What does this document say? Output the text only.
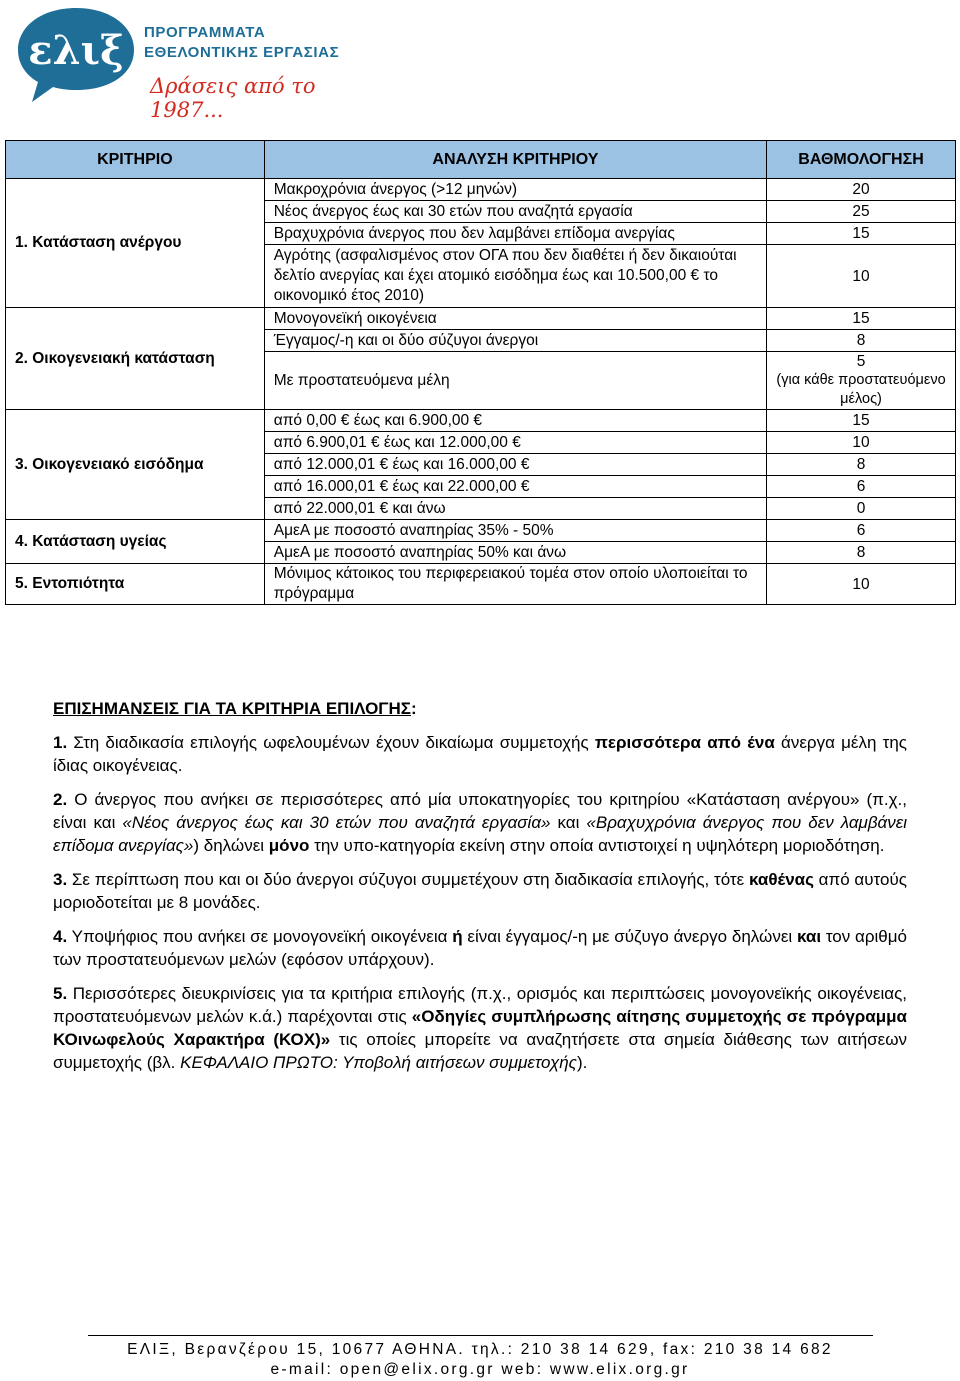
ελιξ ΠΡΟΓΡΑΜΜΑΤΑ
ΕΘΕΛΟΝΤΙΚΗΣ ΕΡΓΑΣΙΑΣ
Δράσεις από το 1987...
ΚΡΙΤΗΡΙΟ	ΑΝΑΛΥΣΗ ΚΡΙΤΗΡΙΟΥ	ΒΑΘΜΟΛΟΓΗΣΗ
1. Κατάσταση ανέργου	Μακροχρόνια άνεργος (>12 μηνών)	20
	Νέος άνεργος έως και 30 ετών που αναζητά εργασία	25
	Βραχυχρόνια άνεργος που δεν λαμβάνει επίδομα ανεργίας	15
	Αγρότης (ασφαλισμένος στον ΟΓΑ που δεν διαθέτει ή δεν δικαιούται δελτίο ανεργίας και έχει ατομικό εισόδημα έως και 10.500,00 € το οικονομικό έτος 2010)	10
2. Οικογενειακή κατάσταση	Μονογονεϊκή οικογένεια	15
	Έγγαμος/-η και οι δύο σύζυγοι άνεργοι	8
	Με προστατευόμενα μέλη	5
(για κάθε προστατευόμενο μέλος)

3. Οικογενειακό εισόδημα	από 0,00 € έως και 6.900,00 €	15
	από 6.900,01 € έως και 12.000,00 €	10
	από 12.000,01 € έως και 16.000,00 €	8
	από 16.000,01 € έως και 22.000,00 €	6
	από 22.000,01 € και άνω	0
4. Κατάσταση υγείας	ΑμεΑ με ποσοστό αναπηρίας 35% - 50%	6
	ΑμεΑ με ποσοστό αναπηρίας 50% και άνω	8
5. Εντοπιότητα	Μόνιμος κάτοικος του περιφερειακού τομέα στον οποίο υλοποιείται το πρόγραμμα	10
ΕΠΙΣΗΜΑΝΣΕΙΣ ΓΙΑ ΤΑ ΚΡΙΤΗΡΙΑ ΕΠΙΛΟΓΗΣ:

1. Στη διαδικασία επιλογής ωφελουμένων έχουν δικαίωμα συμμετοχής περισσότερα από ένα άνεργα μέλη της ίδιας οικογένειας.

2. Ο άνεργος που ανήκει σε περισσότερες από μία υποκατηγορίες του κριτηρίου «Κατάσταση ανέργου» (π.χ., είναι και «Νέος άνεργος έως και 30 ετών που αναζητά εργασία» και «Βραχυχρόνια άνεργος που δεν λαμβάνει επίδομα ανεργίας») δηλώνει μόνο την υπο-κατηγορία εκείνη στην οποία αντιστοιχεί η υψηλότερη μοριοδότηση.

3. Σε περίπτωση που και οι δύο άνεργοι σύζυγοι συμμετέχουν στη διαδικασία επιλογής, τότε καθένας από αυτούς μοριοδοτείται με 8 μονάδες.

4. Υποψήφιος που ανήκει σε μονογονεϊκή οικογένεια ή είναι έγγαμος/-η με σύζυγο άνεργο δηλώνει και τον αριθμό των προστατευόμενων μελών (εφόσον υπάρχουν).

5. Περισσότερες διευκρινίσεις για τα κριτήρια επιλογής (π.χ., ορισμός και περιπτώσεις μονογονεϊκής οικογένειας, προστατευόμενων μελών κ.ά.) παρέχονται στις «Οδηγίες συμπλήρωσης αίτησης συμμετοχής σε πρόγραμμα ΚΟινωφελούς Χαρακτήρα (ΚΟΧ)» τις οποίες μπορείτε να αναζητήσετε στα σημεία διάθεσης των αιτήσεων συμμετοχής (βλ. ΚΕΦΑΛΑΙΟ ΠΡΩΤΟ: Υποβολή αιτήσεων συμμετοχής).

ΕΛΙΞ, Βερανζέρου 15, 10677 ΑΘΗΝΑ. τηλ.: 210 38 14 629, fax: 210 38 14 682
e-mail: open@elix.org.gr web: www.elix.org.gr
